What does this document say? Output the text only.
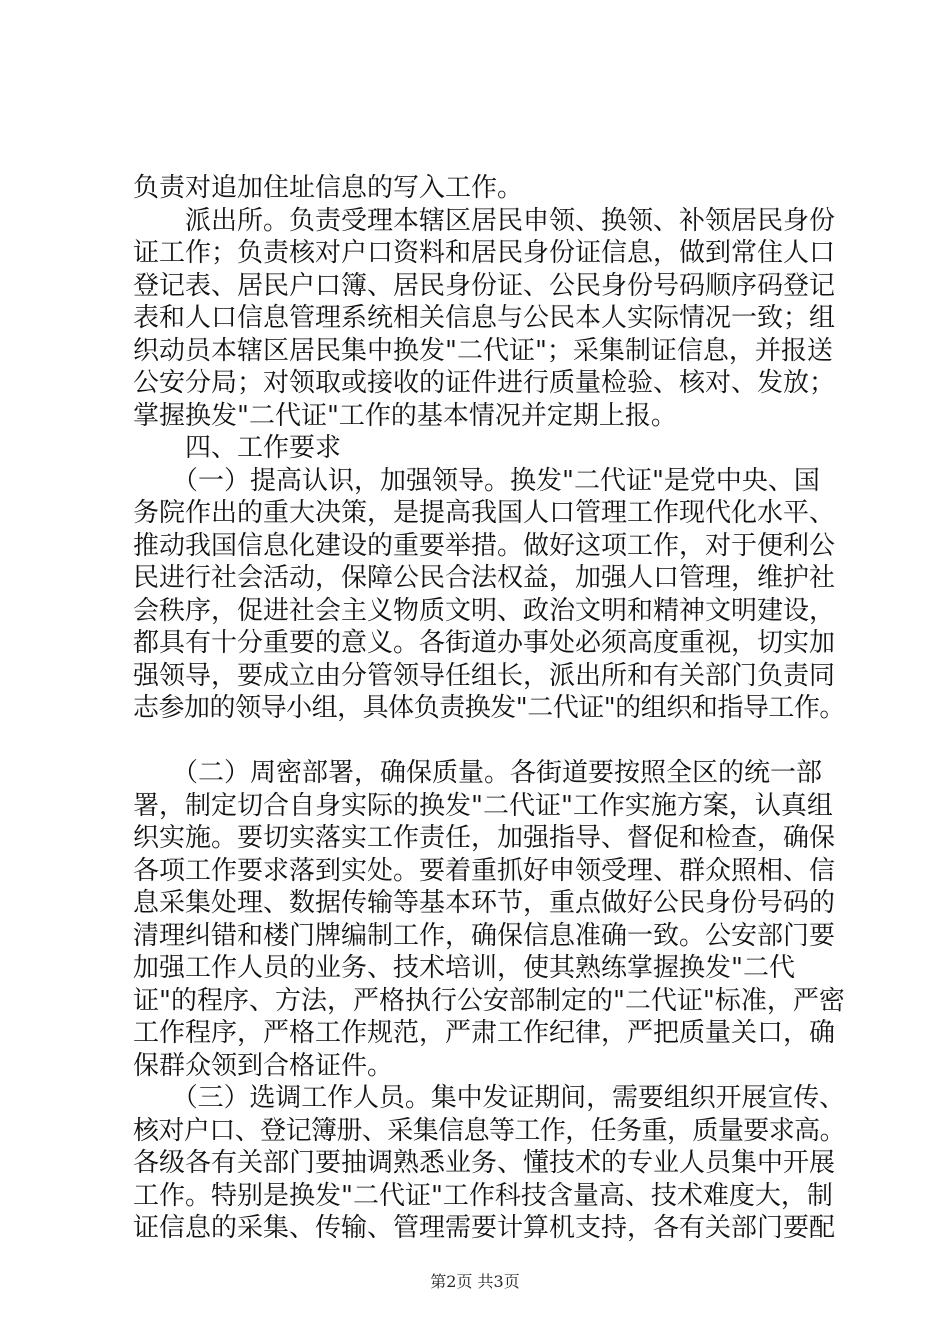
负责对追加住址信息的写入工作。
　　派出所。负责受理本辖区居民申领、换领、补领居民身份
证工作；负责核对户口资料和居民身份证信息，做到常住人口
登记表、居民户口簿、居民身份证、公民身份号码顺序码登记
表和人口信息管理系统相关信息与公民本人实际情况一致；组
织动员本辖区居民集中换发"二代证"；采集制证信息，并报送
公安分局；对领取或接收的证件进行质量检验、核对、发放；
掌握换发"二代证"工作的基本情况并定期上报。
　　四、工作要求
　　（一）提高认识，加强领导。换发"二代证"是党中央、国
务院作出的重大决策，是提高我国人口管理工作现代化水平、
推动我国信息化建设的重要举措。做好这项工作，对于便利公
民进行社会活动，保障公民合法权益，加强人口管理，维护社
会秩序，促进社会主义物质文明、政治文明和精神文明建设，
都具有十分重要的意义。各街道办事处必须高度重视，切实加
强领导，要成立由分管领导任组长，派出所和有关部门负责同
志参加的领导小组，具体负责换发"二代证"的组织和指导工作。
　　（二）周密部署，确保质量。各街道要按照全区的统一部
署，制定切合自身实际的换发"二代证"工作实施方案，认真组
织实施。要切实落实工作责任，加强指导、督促和检查，确保
各项工作要求落到实处。要着重抓好申领受理、群众照相、信
息采集处理、数据传输等基本环节，重点做好公民身份号码的
清理纠错和楼门牌编制工作，确保信息准确一致。公安部门要
加强工作人员的业务、技术培训，使其熟练掌握换发"二代
证"的程序、方法，严格执行公安部制定的"二代证"标准，严密
工作程序，严格工作规范，严肃工作纪律，严把质量关口，确
保群众领到合格证件。
　　（三）选调工作人员。集中发证期间，需要组织开展宣传、
核对户口、登记簿册、采集信息等工作，任务重，质量要求高。
各级各有关部门要抽调熟悉业务、懂技术的专业人员集中开展
工作。特别是换发"二代证"工作科技含量高、技术难度大，制
证信息的采集、传输、管理需要计算机支持，各有关部门要配
第2页 共3页
